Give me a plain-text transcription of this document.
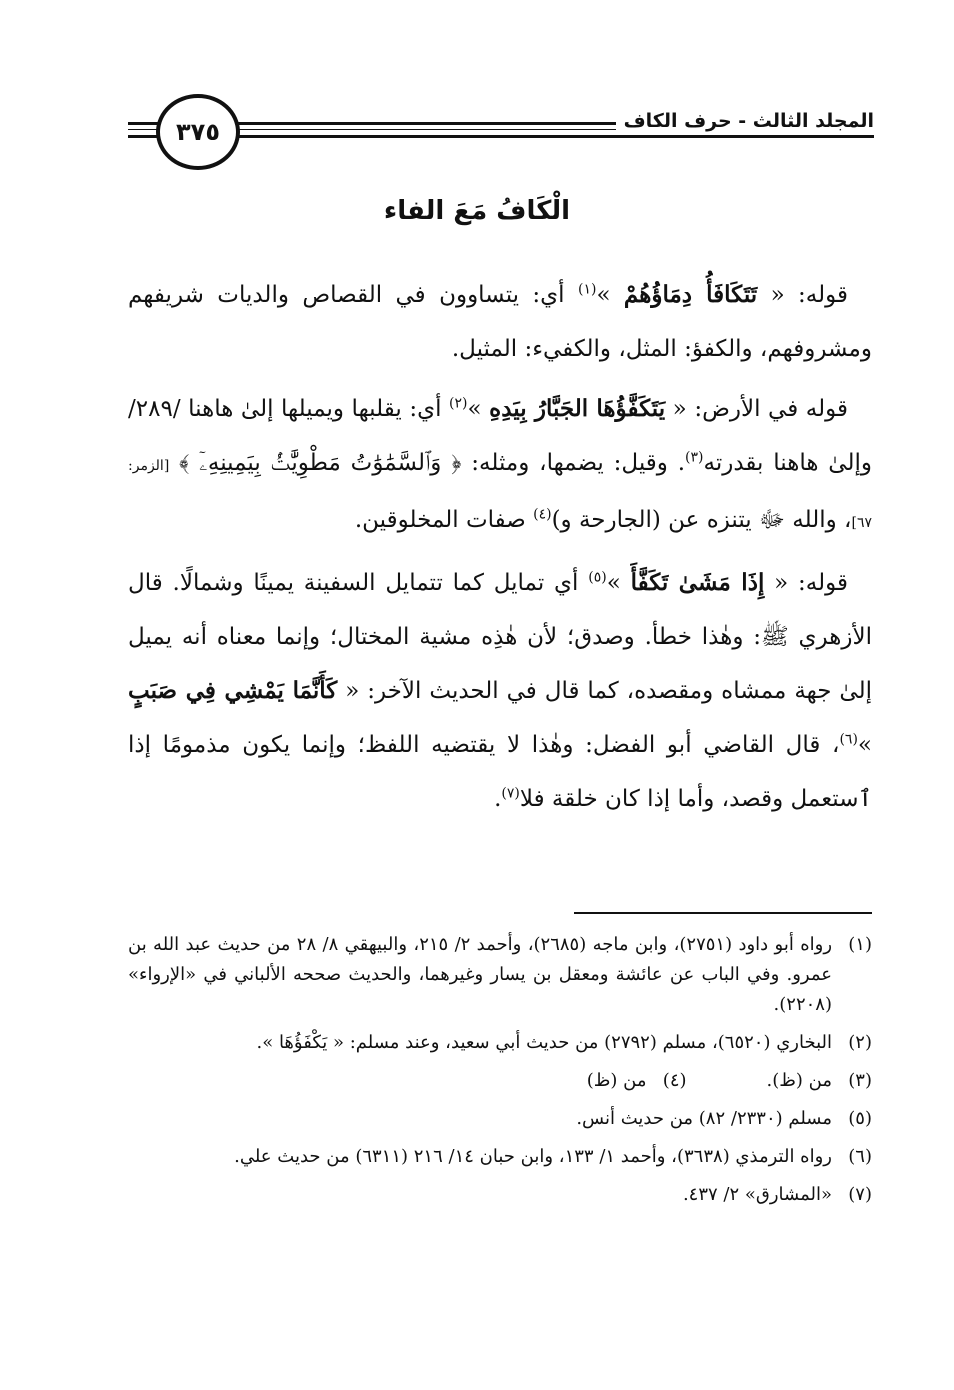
٣٧٥	المجلد الثالث - حرف الكاف
الْكَافُ مَعَ الفاء

قوله: « تَتَكَافَأُ دِمَاؤُهُمْ »$^{(١)}$ أي: يتساوون في القصاص والديات شريفهم ومشروفهم، والكفؤ: المثل، والكفيء: المثيل.

قوله في الأرض: « يَتَكَفَّؤُهَا الجَبَّارُ بِيَدِهِ »$^{(٢)}$ أي: يقلبها ويميلها إلىٰ هاهنا /٢٨٩/ وإلىٰ هاهنا بقدرته$^{(٣)}$. وقيل: يضمها، ومثله: ﴿ وَٱلسَّمَٰوَٰتُ مَطْوِيَّٰتُۢ بِيَمِينِهِۦٓ ﴾ [الزمر: ٦٧]، والله ﷻ يتنزه عن (الجارحة و)$^{(٤)}$ صفات المخلوقين.

قوله: « إِذَا مَشَىٰ تَكَفَّأَ »$^{(٥)}$ أي تمايل كما تتمايل السفينة يمينًا وشمالًا. قال الأزهري ﷺ: وهٰذا خطأ. وصدق؛ لأن هٰذِه مشية المختال؛ وإنما معناه أنه يميل إلىٰ جهة ممشاه ومقصده، كما قال في الحديث الآخر: « كَأَنَّمَا يَمْشِي فِي صَبَبٍ »$^{(٦)}$، قال القاضي أبو الفضل: وهٰذا لا يقتضيه اللفظ؛ وإنما يكون مذمومًا إذا ٱستعمل وقصد، وأما إذا كان خلقة فلا$^{(٧)}$.

(١)
رواه أبو داود (٢٧٥١)، وابن ماجه (٢٦٨٥)، وأحمد ٢/ ٢١٥، والبيهقي ٨/ ٢٨ من حديث عبد الله بن عمرو. وفي الباب عن عائشة ومعقل بن يسار وغيرهما، والحديث صححه الألباني في «الإرواء» (٢٢٠٨).
(٢)
البخاري (٦٥٢٠)، مسلم (٢٧٩٢) من حديث أبي سعيد، وعند مسلم: « يَكْفَؤُهَا ».
(٣)
من (ظ).
(٤)
من (ظ)
(٥)
مسلم (٢٣٣٠/ ٨٢) من حديث أنس.
(٦)
رواه الترمذي (٣٦٣٨)، وأحمد ١/ ١٣٣، وابن حبان ١٤/ ٢١٦ (٦٣١١) من حديث علي.
(٧)
«المشارق» ٢/ ٤٣٧.
